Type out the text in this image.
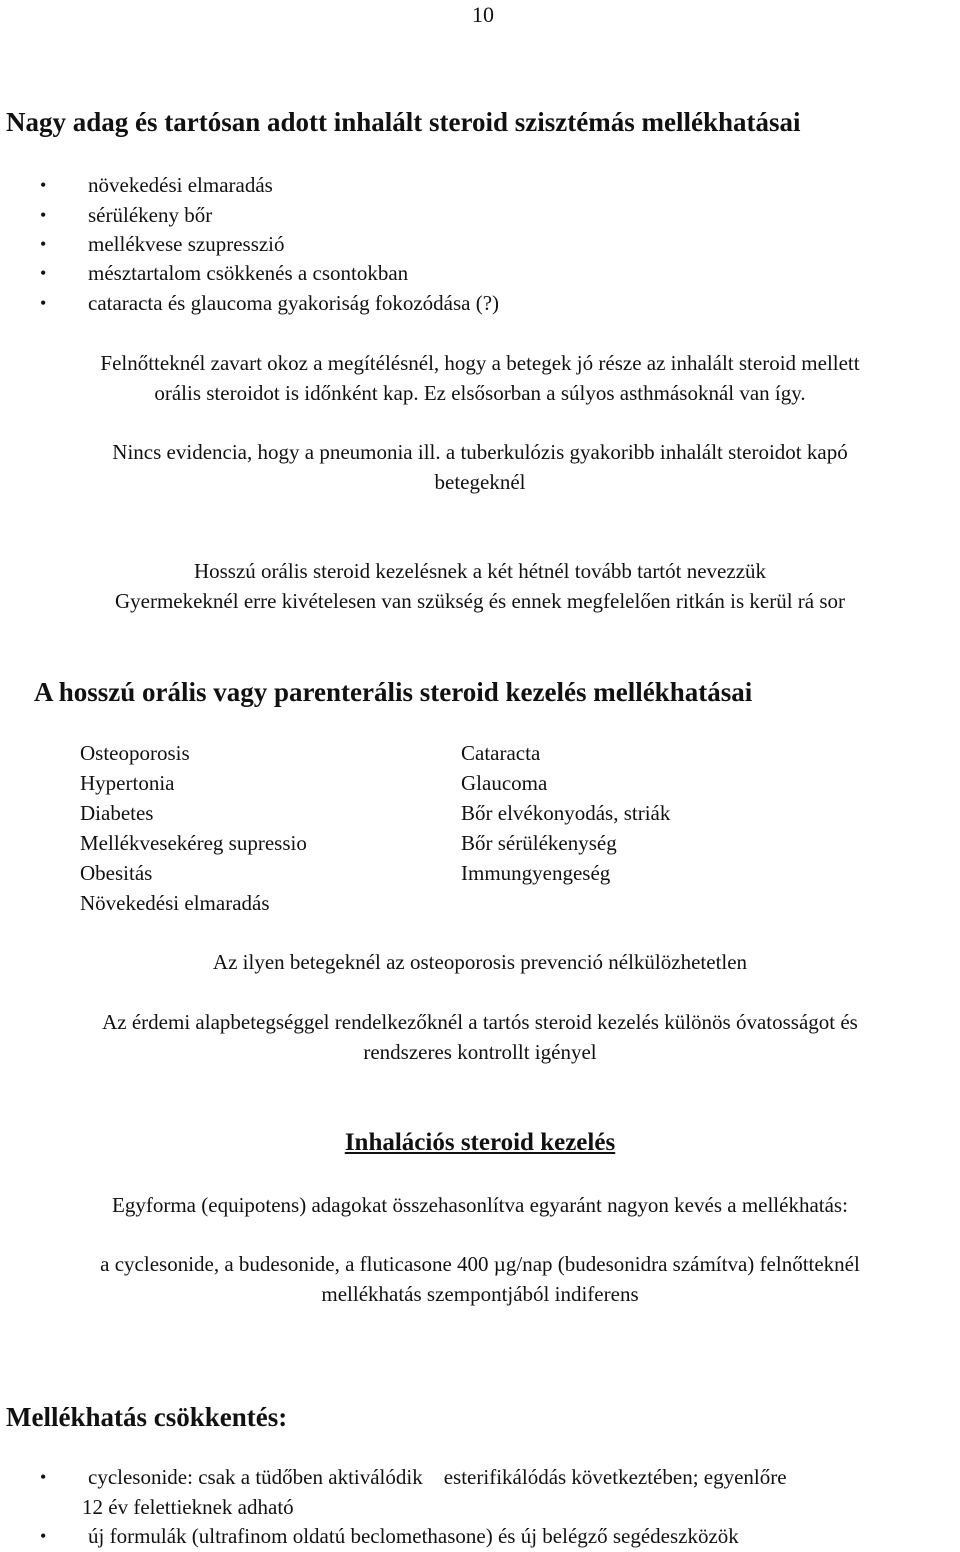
10
Nagy adag és tartósan adott inhalált steroid szisztémás mellékhatásai
növekedési elmaradás
sérülékeny bőr
mellékvese szupresszió
mésztartalom csökkenés a csontokban
cataracta és glaucoma gyakoriság fokozódása (?)
Felnőtteknél zavart okoz a megítélésnél, hogy a betegek jó része az inhalált steroid mellett
orális steroidot is időnként kap. Ez elsősorban a súlyos asthmásoknál van így.
Nincs evidencia, hogy a pneumonia ill. a tuberkulózis gyakoribb inhalált steroidot kapó
betegeknél
Hosszú orális steroid kezelésnek a két hétnél tovább tartót nevezzük
Gyermekeknél erre kivételesen van szükség és ennek megfelelően ritkán is kerül rá sor
A hosszú orális vagy parenterális steroid kezelés mellékhatásai
Osteoporosis
Hypertonia
Diabetes
Mellékvesekéreg supressio
Obesitás
Növekedési elmaradás
Cataracta
Glaucoma
Bőr elvékonyodás, striák
Bőr sérülékenység
Immungyengeség
Az ilyen betegeknél az osteoporosis prevenció nélkülözhetetlen
Az érdemi alapbetegséggel rendelkezőknél a tartós steroid kezelés különös óvatosságot és
rendszeres kontrollt igényel
Inhalációs steroid kezelés
Egyforma (equipotens) adagokat összehasonlítva egyaránt nagyon kevés a mellékhatás:
a cyclesonide, a budesonide, a fluticasone 400 µg/nap (budesonidra számítva) felnőtteknél
mellékhatás szempontjából indiferens
Mellékhatás csökkentés:
cyclesonide: csak a tüdőben aktiválódik    esterifikálódás következtében; egyenlőre
12 év felettieknek adható
új formulák (ultrafinom oldatú beclomethasone) és új belégző segédeszközök
